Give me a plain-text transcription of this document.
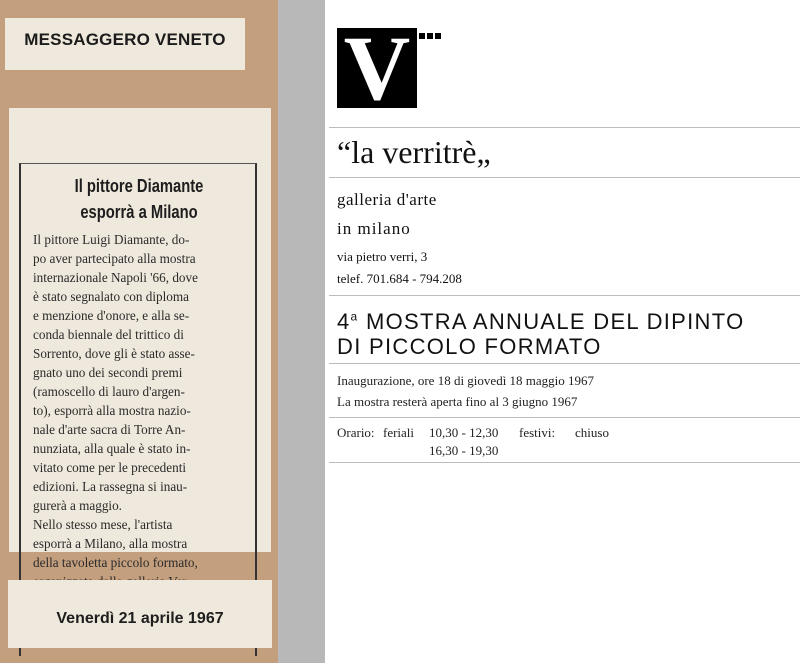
MESSAGGERO VENETO
Il pittore Diamante
esporrà a Milano
Il pittore Luigi Diamante, do-
po aver partecipato alla mostra
internazionale Napoli '66, dove
è stato segnalato con diploma
e menzione d'onore, e alla se-
conda biennale del trittico di
Sorrento, dove gli è stato asse-
gnato uno dei secondi premi
(ramoscello di lauro d'argen-
to), esporrà alla mostra nazio-
nale d'arte sacra di Torre An-
nunziata, alla quale è stato in-
vitato come per le precedenti
edizioni. La rassegna si inau-
gurerà a maggio.
Nello stesso mese, l'artista
esporrà a Milano, alla mostra
della tavoletta piccolo formato,
Venerdì 21 aprile 1967
V
“la verritrè„
galleria d'arte
in milano
via pietro verri, 3
telef. 701.684 - 794.208
4$^a$ MOSTRA ANNUALE DEL DIPINTO
DI PICCOLO FORMATO
Inaugurazione, ore 18 di giovedì 18 maggio 1967
La mostra resterà aperta fino al 3 giugno 1967
Orario: feriali 10,30 - 12,30
16,30 - 19,30
festivi: chiuso
